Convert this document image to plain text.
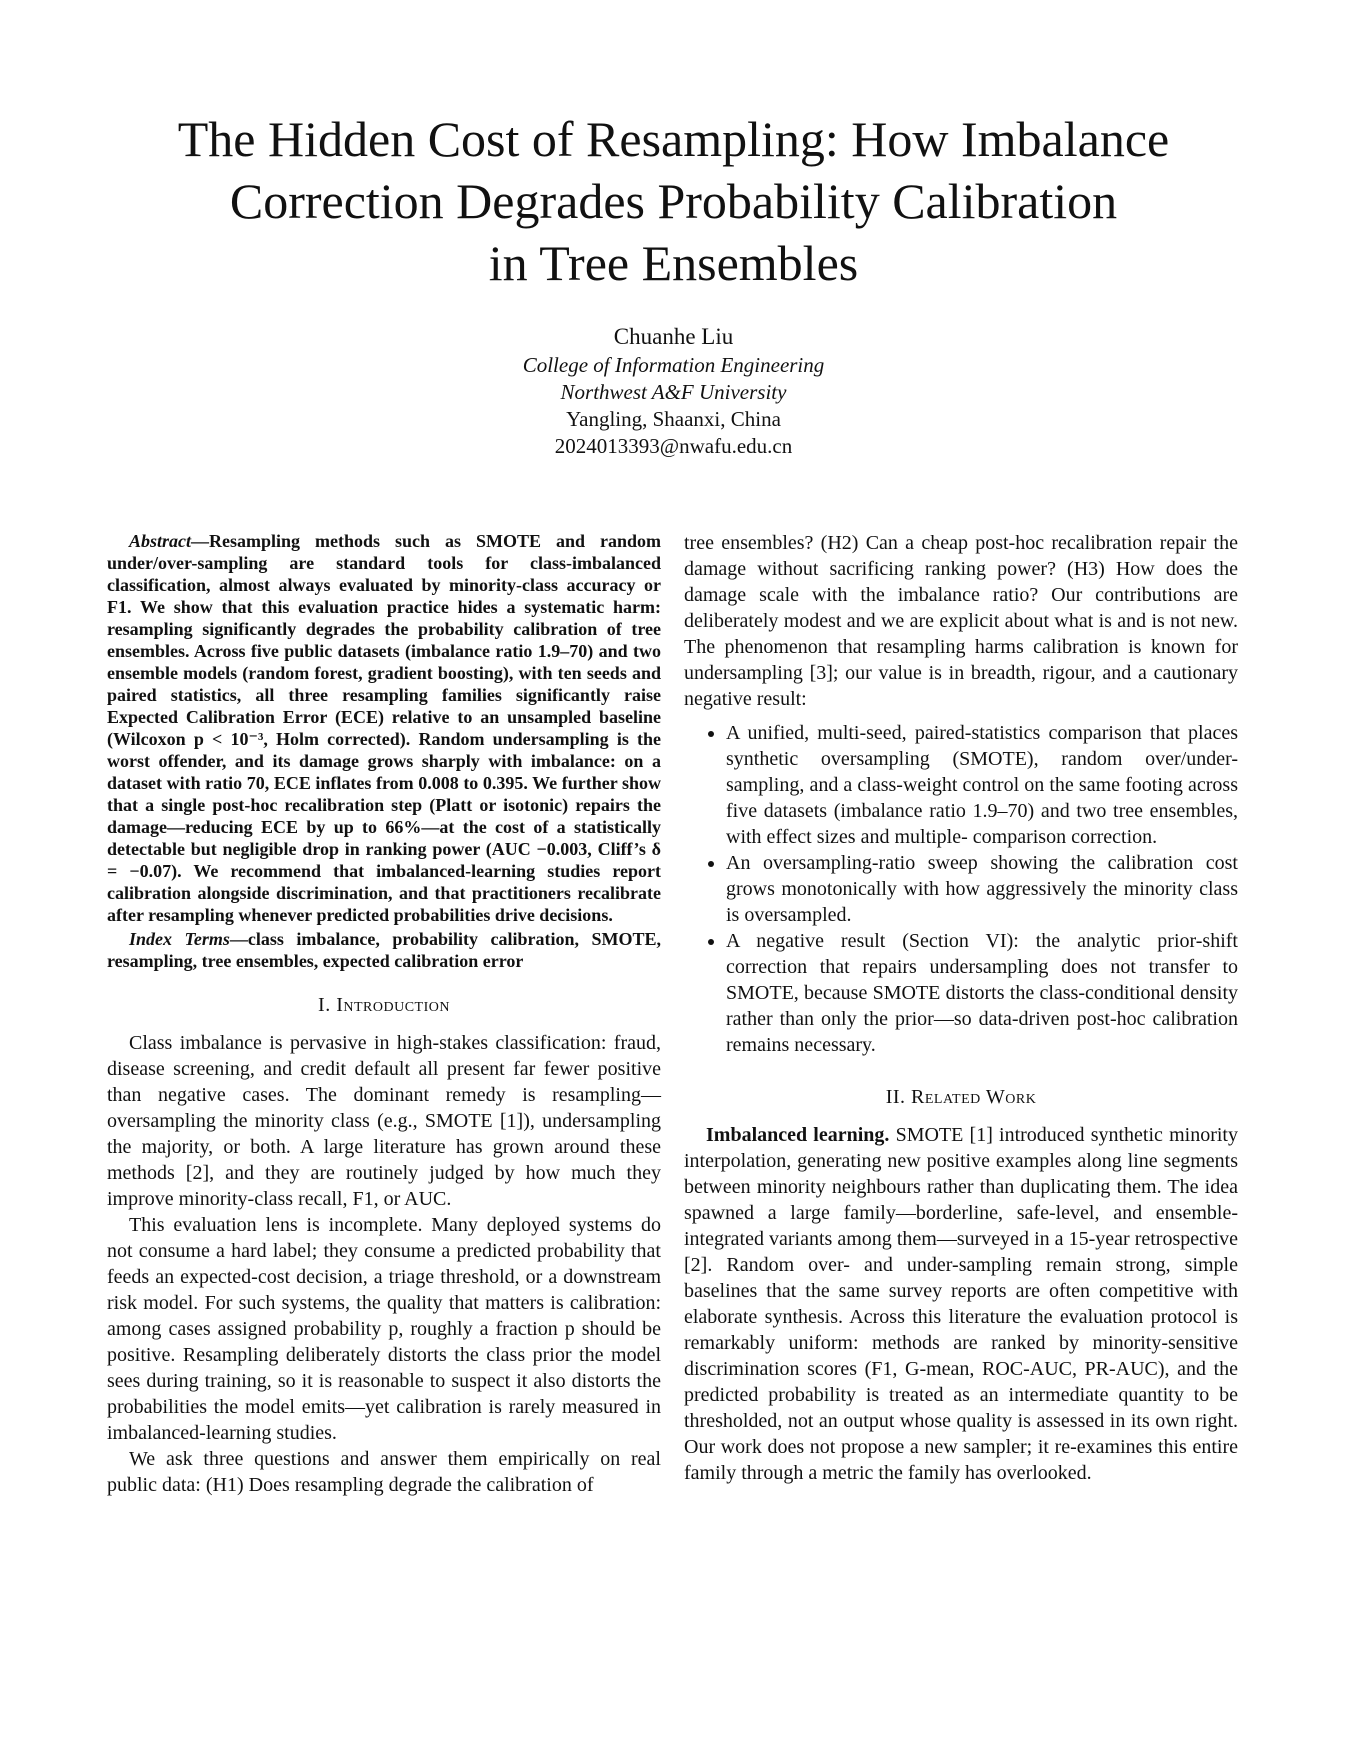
The Hidden Cost of Resampling: How Imbalance
Correction Degrades Probability Calibration
in Tree Ensembles
Chuanhe Liu
College of Information Engineering
Northwest A&F University
Yangling, Shaanxi, China
2024013393@nwafu.edu.cn

Abstract—Resampling methods such as SMOTE and random under/over-sampling are standard tools for class-imbalanced classification, almost always evaluated by minority-class accuracy or F1. We show that this evaluation practice hides a systematic harm: resampling significantly degrades the probability calibration of tree ensembles. Across five public datasets (imbalance ratio 1.9–70) and two ensemble models (random forest, gradient boosting), with ten seeds and paired statistics, all three resampling families significantly raise Expected Calibration Error (ECE) relative to an unsampled baseline (Wilcoxon p < 10⁻³, Holm corrected). Random undersampling is the worst offender, and its damage grows sharply with imbalance: on a dataset with ratio 70, ECE inflates from 0.008 to 0.395. We further show that a single post-hoc recalibration step (Platt or isotonic) repairs the damage—reducing ECE by up to 66%—at the cost of a statistically detectable but negligible drop in ranking power (AUC −0.003, Cliff’s δ = −0.07). We recommend that imbalanced-learning studies report calibration alongside discrimination, and that practitioners recalibrate after resampling whenever predicted probabilities drive decisions.

Index Terms—class imbalance, probability calibration, SMOTE, resampling, tree ensembles, expected calibration error

I. Introduction

Class imbalance is pervasive in high-stakes classification: fraud, disease screening, and credit default all present far fewer positive than negative cases. The dominant remedy is resampling— oversampling the minority class (e.g., SMOTE [1]), undersampling the majority, or both. A large literature has grown around these methods [2], and they are routinely judged by how much they improve minority-class recall, F1, or AUC.

This evaluation lens is incomplete. Many deployed systems do not consume a hard label; they consume a predicted probability that feeds an expected-cost decision, a triage threshold, or a downstream risk model. For such systems, the quality that matters is calibration: among cases assigned probability p, roughly a fraction p should be positive. Resampling deliberately distorts the class prior the model sees during training, so it is reasonable to suspect it also distorts the probabilities the model emits—yet calibration is rarely measured in imbalanced-learning studies.

We ask three questions and answer them empirically on real public data: (H1) Does resampling degrade the calibration of

tree ensembles? (H2) Can a cheap post-hoc recalibration repair the damage without sacrificing ranking power? (H3) How does the damage scale with the imbalance ratio? Our contributions are deliberately modest and we are explicit about what is and is not new. The phenomenon that resampling harms calibration is known for undersampling [3]; our value is in breadth, rigour, and a cautionary negative result:

• A unified, multi-seed, paired-statistics comparison that places synthetic oversampling (SMOTE), random over/under-sampling, and a class-weight control on the same footing across five datasets (imbalance ratio 1.9–70) and two tree ensembles, with effect sizes and multiple- comparison correction.
• An oversampling-ratio sweep showing the calibration cost grows monotonically with how aggressively the minority class is oversampled.
• A negative result (Section VI): the analytic prior-shift correction that repairs undersampling does not transfer to SMOTE, because SMOTE distorts the class-conditional density rather than only the prior—so data-driven post-hoc calibration remains necessary.
II. Related Work

Imbalanced learning. SMOTE [1] introduced synthetic minority interpolation, generating new positive examples along line segments between minority neighbours rather than duplicating them. The idea spawned a large family—borderline, safe-level, and ensemble-integrated variants among them—surveyed in a 15-year retrospective [2]. Random over- and under-sampling remain strong, simple baselines that the same survey reports are often competitive with elaborate synthesis. Across this literature the evaluation protocol is remarkably uniform: methods are ranked by minority-sensitive discrimination scores (F1, G-mean, ROC-AUC, PR-AUC), and the predicted probability is treated as an intermediate quantity to be thresholded, not an output whose quality is assessed in its own right. Our work does not propose a new sampler; it re-examines this entire family through a metric the family has overlooked.
